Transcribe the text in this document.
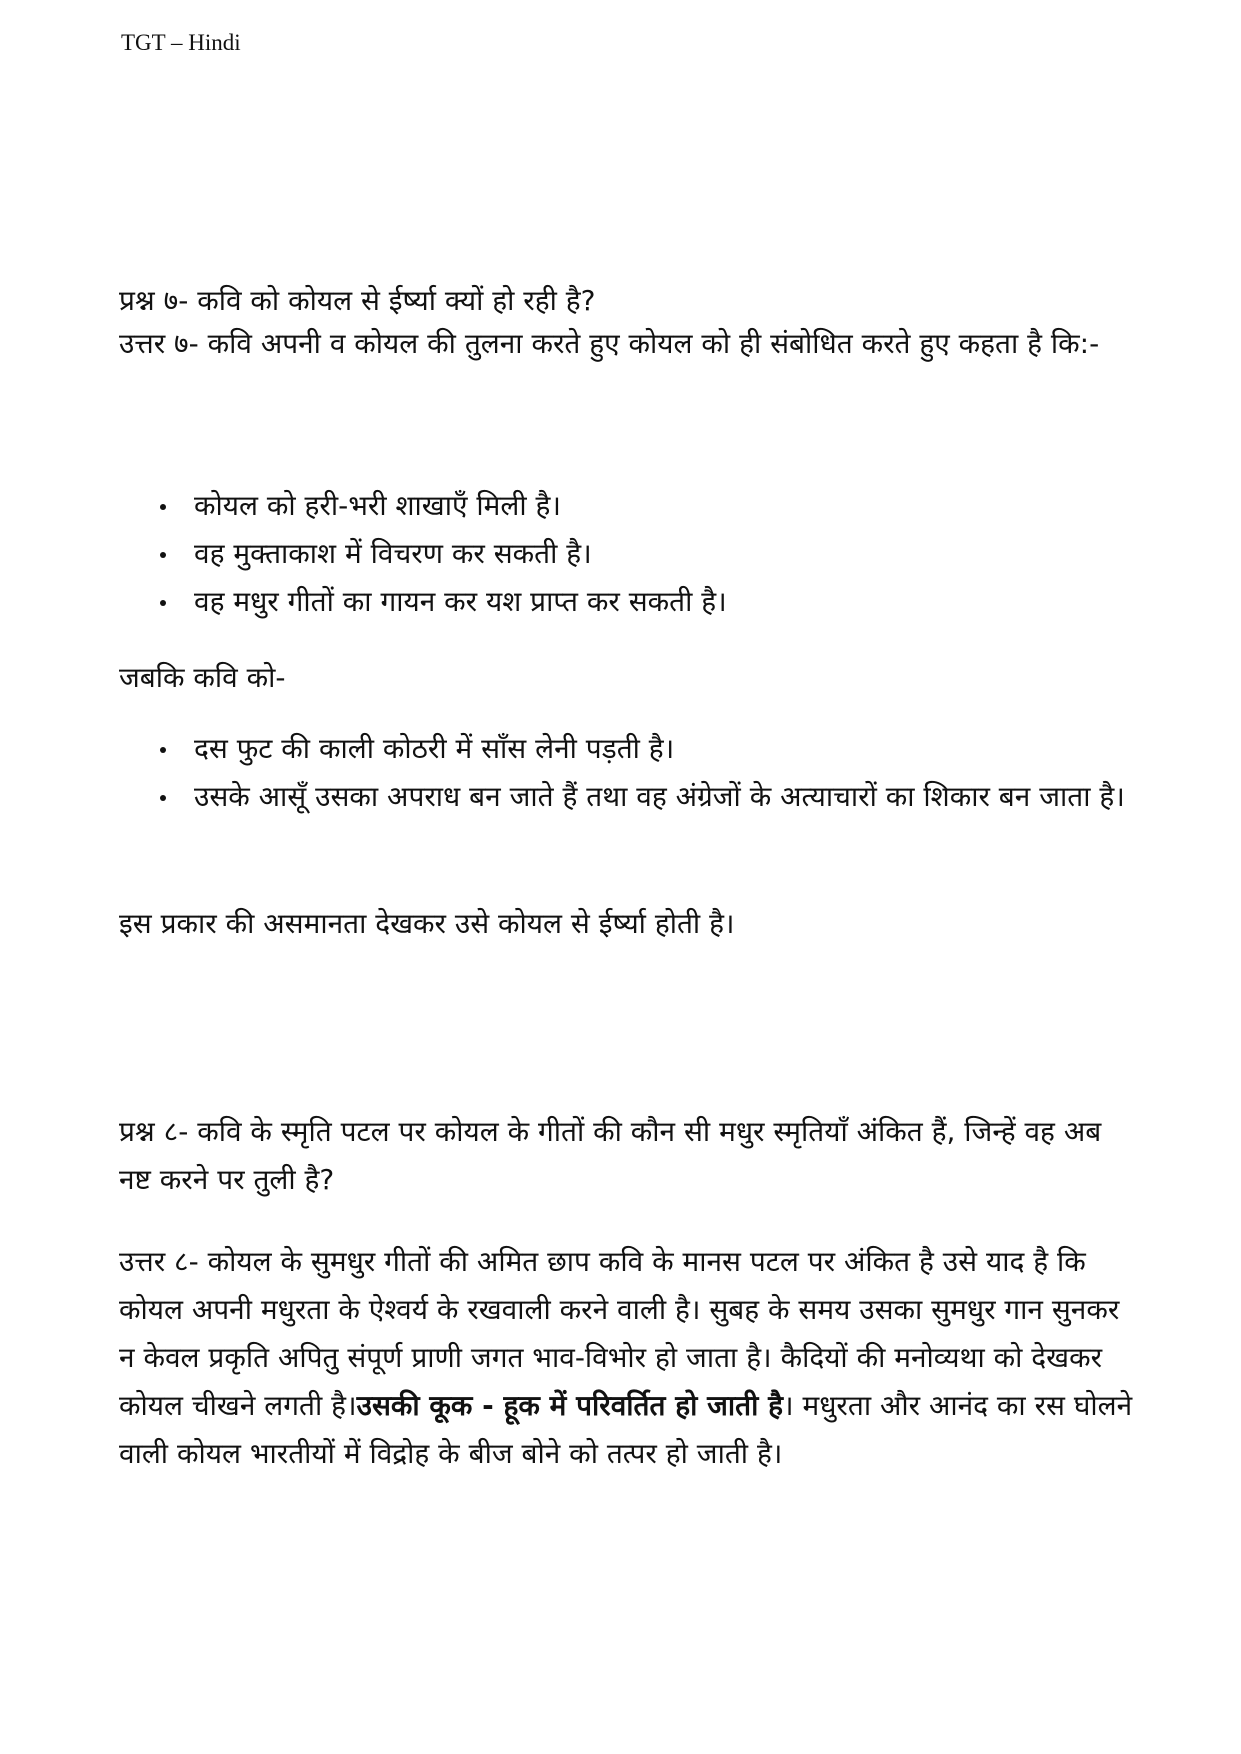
TGT – Hindi

प्रश्न ७- कवि को कोयल से ईर्ष्या क्यों हो रही है?

उत्तर ७- कवि अपनी व कोयल की तुलना करते हुए कोयल को ही संबोधित करते हुए कहता है कि:-

कोयल को हरी-भरी शाखाएँ मिली है।
वह मुक्ताकाश में विचरण कर सकती है।
वह मधुर गीतों का गायन कर यश प्राप्त कर सकती है।

जबकि कवि को-

दस फुट की काली कोठरी में साँस लेनी पड़ती है।
उसके आसूँ उसका अपराध बन जाते हैं तथा वह अंग्रेजों के अत्याचारों का शिकार बन जाता है।

इस प्रकार की असमानता देखकर उसे कोयल से ईर्ष्या होती है।

प्रश्न ८- कवि के स्मृति पटल पर कोयल के गीतों की कौन सी मधुर स्मृतियाँ अंकित हैं, जिन्हें वह अब नष्ट करने पर तुली है?

उत्तर ८- कोयल के सुमधुर गीतों की अमित छाप कवि के मानस पटल पर अंकित है उसे याद है कि कोयल अपनी मधुरता के ऐश्वर्य के रखवाली करने वाली है। सुबह के समय उसका सुमधुर गान सुनकर न केवल प्रकृति अपितु संपूर्ण प्राणी जगत भाव-विभोर हो जाता है। कैदियों की मनोव्यथा को देखकर कोयल चीखने लगती है।उसकी कूक - हूक में परिवर्तित हो जाती है। मधुरता और आनंद का रस घोलने वाली कोयल भारतीयों में विद्रोह के बीज बोने को तत्पर हो जाती है।
